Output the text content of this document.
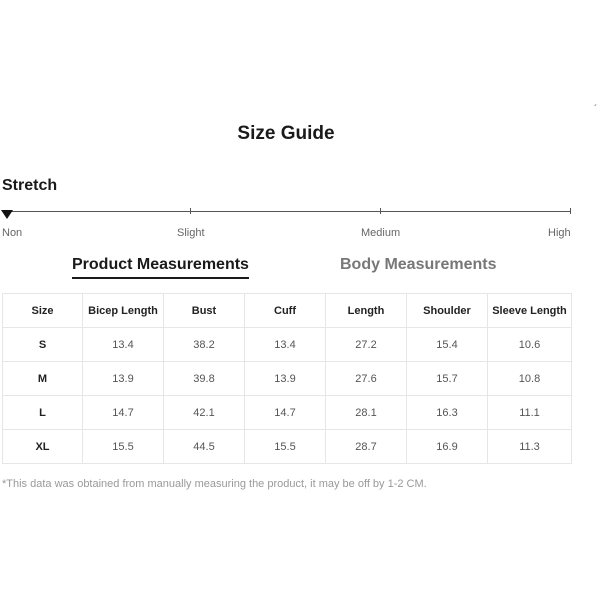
´
Size Guide
Stretch
Non	Slight	Medium	High
Product Measurements	Body Measurements
Size	Bicep Length	Bust	Cuff	Length	Shoulder	Sleeve Length
S	13.4	38.2	13.4	27.2	15.4	10.6
M	13.9	39.8	13.9	27.6	15.7	10.8
L	14.7	42.1	14.7	28.1	16.3	11.1
XL	15.5	44.5	15.5	28.7	16.9	11.3
*This data was obtained from manually measuring the product, it may be off by 1-2 CM.
